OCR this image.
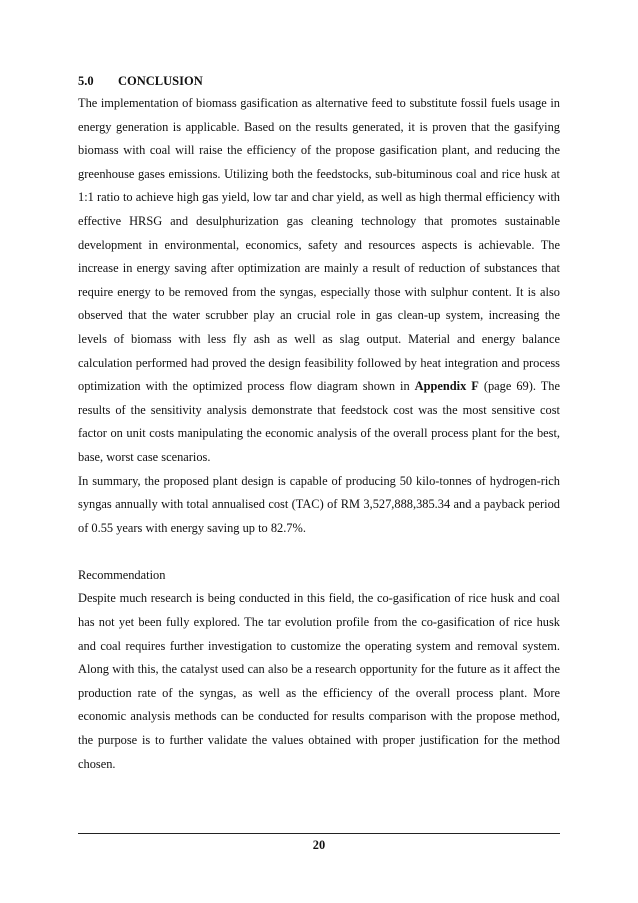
5.0 CONCLUSION

The implementation of biomass gasification as alternative feed to substitute fossil fuels usage in energy generation is applicable. Based on the results generated, it is proven that the gasifying biomass with coal will raise the efficiency of the propose gasification plant, and reducing the greenhouse gases emissions. Utilizing both the feedstocks, sub-bituminous coal and rice husk at 1:1 ratio to achieve high gas yield, low tar and char yield, as well as high thermal efficiency with effective HRSG and desulphurization gas cleaning technology that promotes sustainable development in environmental, economics, safety and resources aspects is achievable. The increase in energy saving after optimization are mainly a result of reduction of substances that require energy to be removed from the syngas, especially those with sulphur content. It is also observed that the water scrubber play an crucial role in gas clean-up system, increasing the levels of biomass with less fly ash as well as slag output. Material and energy balance calculation performed had proved the design feasibility followed by heat integration and process optimization with the optimized process flow diagram shown in Appendix F (page 69). The results of the sensitivity analysis demonstrate that feedstock cost was the most sensitive cost factor on unit costs manipulating the economic analysis of the overall process plant for the best, base, worst case scenarios.

In summary, the proposed plant design is capable of producing 50 kilo-tonnes of hydrogen-rich syngas annually with total annualised cost (TAC) of RM 3,527,888,385.34 and a payback period of 0.55 years with energy saving up to 82.7%.

Recommendation

Despite much research is being conducted in this field, the co-gasification of rice husk and coal has not yet been fully explored. The tar evolution profile from the co-gasification of rice husk and coal requires further investigation to customize the operating system and removal system. Along with this, the catalyst used can also be a research opportunity for the future as it affect the production rate of the syngas, as well as the efficiency of the overall process plant. More economic analysis methods can be conducted for results comparison with the propose method, the purpose is to further validate the values obtained with proper justification for the method chosen.

20
